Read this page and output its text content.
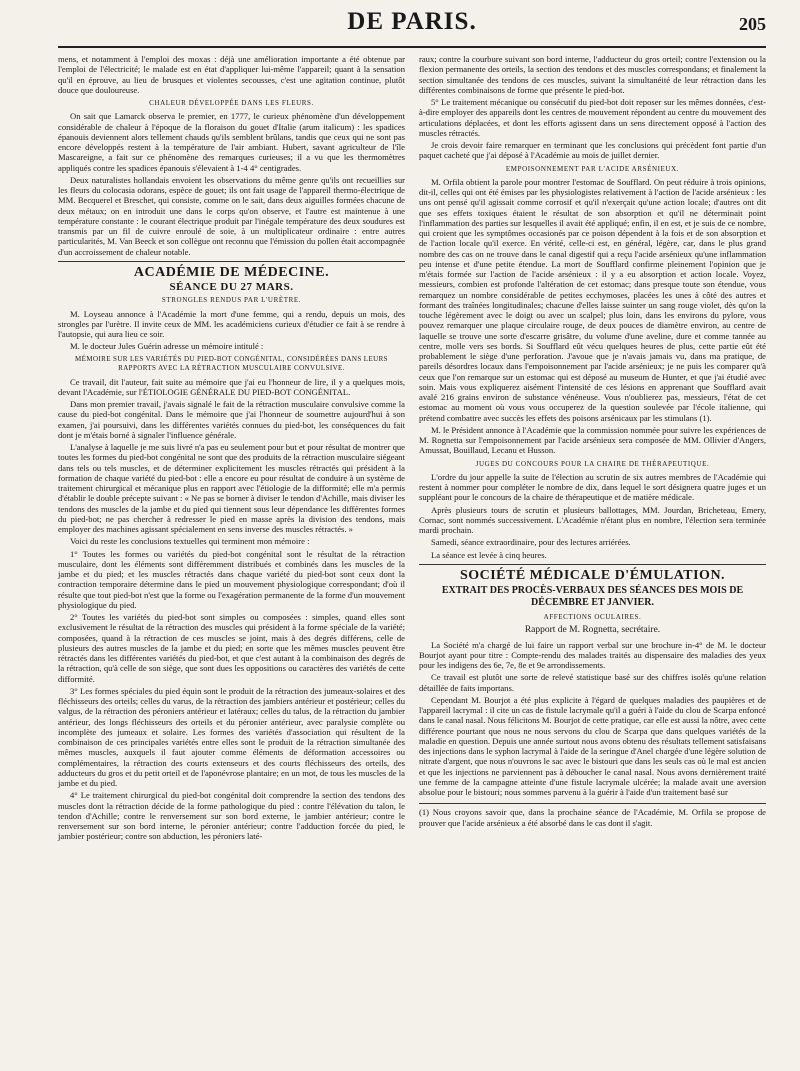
DE PARIS.	205

mens, et notamment à l'emploi des moxas : déjà une amélioration importante a été obtenue par l'emploi de l'électricité; le malade est en état d'appliquer lui-même l'appareil; quant à la sensation qu'il en éprouve, au lieu de brusques et violentes secousses, c'est une agitation continue, plutôt douce que douloureuse.

CHALEUR DÉVELOPPÉE DANS LES FLEURS.

On sait que Lamarck observa le premier, en 1777, le curieux phénomène d'un développement considérable de chaleur à l'époque de la floraison du gouet d'Italie (arum italicum) : les spadices épanouis deviennent alors tellement chauds qu'ils semblent brûlans, tandis que ceux qui ne sont pas encore développés restent à la température de l'air ambiant. Hubert, savant agriculteur de l'île Mascareigne, a fait sur ce phénomène des remarques curieuses; il a vu que les thermomètres appliqués contre les spadices épanouis s'élevaient à 1-4 4° centigrades.

Deux naturalistes hollandais envoient les observations du même genre qu'ils ont recueillies sur les fleurs du colocasia odorans, espèce de gouet; ils ont fait usage de l'appareil thermo-électrique de MM. Becquerel et Breschet, qui consiste, comme on le sait, dans deux aiguilles formées chacune de deux métaux; on en introduit une dans le corps qu'on observe, et l'autre est maintenue à une température constante : le courant électrique produit par l'inégale température des deux soudures est transmis par un fil de cuivre enroulé de soie, à un multiplicateur ordinaire : entre autres particularités, M. Van Beeck et son collègue ont reconnu que l'émission du pollen était accompagnée d'un accroissement de chaleur notable.

ACADÉMIE DE MÉDECINE.
SÉANCE DU 27 MARS.
STRONGLES RENDUS PAR L'URÈTRE.

M. Loyseau annonce à l'Académie la mort d'une femme, qui a rendu, depuis un mois, des strongles par l'urètre. Il invite ceux de MM. les académiciens curieux d'étudier ce fait à se rendre à l'autopsie, qui aura lieu ce soir.

M. le docteur Jules Guérin adresse un mémoire intitulé :

MÉMOIRE SUR LES VARIÉTÉS DU PIED-BOT CONGÉNITAL, CONSIDÉRÉES DANS LEURS RAPPORTS AVEC LA RÉTRACTION MUSCULAIRE CONVULSIVE.

Ce travail, dit l'auteur, fait suite au mémoire que j'ai eu l'honneur de lire, il y a quelques mois, devant l'Académie, sur l'ÉTIOLOGIE GÉNÉRALE DU PIED-BOT CONGÉNITAL.

Dans mon premier travail, j'avais signalé le fait de la rétraction musculaire convulsive comme la cause du pied-bot congénital. Dans le mémoire que j'ai l'honneur de soumettre aujourd'hui à son examen, j'ai poursuivi, dans les différentes variétés connues du pied-bot, les conséquences du fait dont je m'étais borné à signaler l'influence générale.

L'analyse à laquelle je me suis livré n'a pas eu seulement pour but et pour résultat de montrer que toutes les formes du pied-bot congénital ne sont que des produits de la rétraction musculaire siégeant dans tels ou tels muscles, et de déterminer explicitement les muscles rétractés qui président à la formation de chaque variété du pied-bot : elle a encore eu pour résultat de conduire à un système de traitement chirurgical et mécanique plus en rapport avec l'étiologie de la difformité; elle m'a permis d'établir le double précepte suivant : « Ne pas se borner à diviser le tendon d'Achille, mais diviser les tendons des muscles de la jambe et du pied qui tiennent sous leur dépendance les différentes formes du pied-bot; ne pas chercher à redresser le pied en masse après la division des tendons, mais employer des machines agissant spécialement en sens inverse des muscles rétractés. »

Voici du reste les conclusions textuelles qui terminent mon mémoire :

1° Toutes les formes ou variétés du pied-bot congénital sont le résultat de la rétraction musculaire, dont les éléments sont différemment distribués et combinés dans les muscles de la jambe et du pied; et les muscles rétractés dans chaque variété du pied-bot sont ceux dont la contraction temporaire détermine dans le pied un mouvement physiologique correspondant; d'où il résulte que tout pied-bot n'est que la forme ou l'exagération permanente de la forme d'un mouvement physiologique du pied.

2° Toutes les variétés du pied-bot sont simples ou composées : simples, quand elles sont exclusivement le résultat de la rétraction des muscles qui président à la forme spéciale de la variété; composées, quand à la rétraction de ces muscles se joint, mais à des degrés différens, celle de plusieurs des autres muscles de la jambe et du pied; en sorte que les mêmes muscles peuvent être rétractés dans les différentes variétés du pied-bot, et que c'est autant à la combinaison des degrés de la rétraction, qu'à celle de son siège, que sont dues les oppositions ou caractères des variétés de cette difformité.

3° Les formes spéciales du pied équin sont le produit de la rétraction des jumeaux-solaires et des fléchisseurs des orteils; celles du varus, de la rétraction des jambiers antérieur et postérieur; celles du valgus, de la rétraction des péroniers antérieur et latéraux; celles du talus, de la rétraction du jambier antérieur, des longs fléchisseurs des orteils et du péronier antérieur, avec paralysie complète ou incomplète des jumeaux et solaire. Les formes des variétés d'association qui résultent de la combinaison de ces principales variétés entre elles sont le produit de la rétraction simultanée des mêmes muscles, auxquels il faut ajouter comme éléments de déformation accessoires ou complémentaires, la rétraction des courts extenseurs et des courts fléchisseurs des orteils, des adducteurs du gros et du petit orteil et de l'aponévrose plantaire; en un mot, de tous les muscles de la jambe et du pied.

4° Le traitement chirurgical du pied-bot congénital doit comprendre la section des tendons des muscles dont la rétraction décide de la forme pathologique du pied : contre l'élévation du talon, le tendon d'Achille; contre le renversement sur son bord externe, le jambier antérieur; contre le renversement sur son bord interne, le péronier antérieur; contre l'adduction forcée du pied, le jambier postérieur; contre son abduction, les péroniers laté-

raux; contre la courbure suivant son bord interne, l'adducteur du gros orteil; contre l'extension ou la flexion permanente des orteils, la section des tendons et des muscles correspondans; et finalement la section simultanée des tendons de ces muscles, suivant la simultanéité de leur rétraction dans les différentes combinaisons de forme que présente le pied-bot.

5° Le traitement mécanique ou consécutif du pied-bot doit reposer sur les mêmes données, c'est-à-dire employer des appareils dont les centres de mouvement répondent au centre du mouvement des articulations déplacées, et dont les efforts agissent dans un sens directement opposé à l'action des muscles rétractés.

Je crois devoir faire remarquer en terminant que les conclusions qui précèdent font partie d'un paquet cacheté que j'ai déposé à l'Académie au mois de juillet dernier.

EMPOISONNEMENT PAR L'ACIDE ARSÉNIEUX.

M. Orfila obtient la parole pour montrer l'estomac de Soufflard. On peut réduire à trois opinions, dit-il, celles qui ont été émises par les physiologistes relativement à l'action de l'acide arsénieux : les uns ont pensé qu'il agissait comme corrosif et qu'il n'exerçait qu'une action locale; d'autres ont dit que ses effets toxiques étaient le résultat de son absorption et qu'il ne déterminait point l'inflammation des parties sur lesquelles il avait été appliqué; enfin, il en est, et je suis de ce nombre, qui croient que les symptômes occasionés par ce poison dépendent à la fois et de son absorption et de l'action locale qu'il exerce. En vérité, celle-ci est, en général, légère, car, dans le plus grand nombre des cas on ne trouve dans le canal digestif qui a reçu l'acide arsénieux qu'une inflammation peu intense et d'une petite étendue. La mort de Soufflard confirme pleinement l'opinion que je m'étais formée sur l'action de l'acide arsénieux : il y a eu absorption et action locale. Voyez, messieurs, combien est profonde l'altération de cet estomac; dans presque toute son étendue, vous remarquez un nombre considérable de petites ecchymoses, placées les unes à côté des autres et formant des traînées longitudinales; chacune d'elles laisse suinter un sang rouge violet, dès qu'on la touche légèrement avec le doigt ou avec un scalpel; plus loin, dans les environs du pylore, vous pouvez remarquer une plaque circulaire rouge, de deux pouces de diamètre environ, au centre de laquelle se trouve une sorte d'escarre grisâtre, du volume d'une aveline, dure et comme tannée au centre, molle vers ses bords. Si Soufflard eût vécu quelques heures de plus, cette partie eût été probablement le siège d'une perforation. J'avoue que je n'avais jamais vu, dans ma pratique, de pareils désordres locaux dans l'empoisonnement par l'acide arsénieux; je ne puis les comparer qu'à ceux que l'on remarque sur un estomac qui est déposé au museum de Hunter, et que j'ai étudié avec soin. Mais vous expliquerez aisément l'intensité de ces lésions en apprenant que Soufflard avait avalé 216 grains environ de substance vénéneuse. Vous n'oublierez pas, messieurs, l'état de cet estomac au moment où vous vous occuperez de la question soulevée par l'école italienne, qui prétend combattre avec succès les effets des poisons arsénicaux par les stimulans (1).

M. le Président annonce à l'Académie que la commission nommée pour suivre les expériences de M. Rognetta sur l'empoisonnement par l'acide arsénieux sera composée de MM. Ollivier d'Angers, Amussat, Bouillaud, Lecanu et Husson.

JUGES DU CONCOURS POUR LA CHAIRE DE THÉRAPEUTIQUE.

L'ordre du jour appelle la suite de l'élection au scrutin de six autres membres de l'Académie qui restent à nommer pour compléter le nombre de dix, dans lequel le sort désignera quatre juges et un suppléant pour le concours de la chaire de thérapeutique et de matière médicale.

Après plusieurs tours de scrutin et plusieurs ballottages, MM. Jourdan, Bricheteau, Emery, Cornac, sont nommés successivement. L'Académie n'étant plus en nombre, l'élection sera terminée mardi prochain.

Samedi, séance extraordinaire, pour des lectures arriérées.

La séance est levée à cinq heures.

SOCIÉTÉ MÉDICALE D'ÉMULATION.
EXTRAIT DES PROCÈS-VERBAUX DES SÉANCES DES MOIS DE DÉCEMBRE ET JANVIER.
AFFECTIONS OCULAIRES.
Rapport de M. Rognetta, secrétaire.

La Société m'a chargé de lui faire un rapport verbal sur une brochure in-4° de M. le docteur Bourjot ayant pour titre : Compte-rendu des malades traités au dispensaire des maladies des yeux pour les indigens des 6e, 7e, 8e et 9e arrondissements.

Ce travail est plutôt une sorte de relevé statistique basé sur des chiffres isolés qu'une relation détaillée de faits importans.

Cependant M. Bourjot a été plus explicite à l'égard de quelques maladies des paupières et de l'appareil lacrymal : il cite un cas de fistule lacrymale qu'il a guéri à l'aide du clou de Scarpa enfoncé dans le canal nasal. Nous félicitons M. Bourjot de cette pratique, car elle est aussi la nôtre, avec cette différence pourtant que nous ne nous servons du clou de Scarpa que dans quelques variétés de la maladie en question. Depuis une année surtout nous avons obtenu des résultats tellement satisfaisans des injections dans le syphon lacrymal à l'aide de la seringue d'Anel chargée d'une légère solution de nitrate d'argent, que nous n'ouvrons le sac avec le bistouri que dans les seuls cas où le mal est ancien et que les injections ne parviennent pas à déboucher le canal nasal. Nous avons dernièrement traité une femme de la campagne atteinte d'une fistule lacrymale ulcérée; la malade avait une aversion absolue pour le bistouri; nous sommes parvenu à la guérir à l'aide d'un traitement basé sur

(1) Nous croyons savoir que, dans la prochaine séance de l'Académie, M. Orfila se propose de prouver que l'acide arsénieux a été absorbé dans le cas dont il s'agit.
